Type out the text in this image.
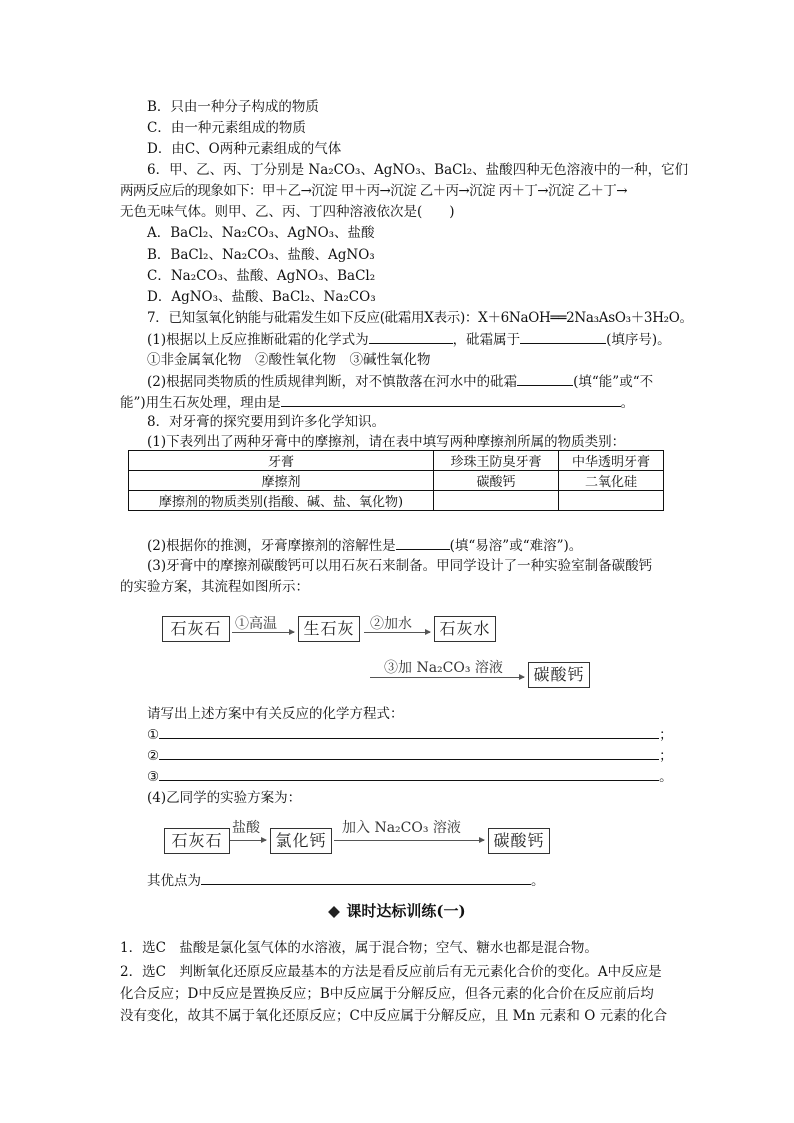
B．只由一种分子构成的物质
C．由一种元素组成的物质
D．由C、O两种元素组成的气体
6．甲、乙、丙、丁分别是 Na₂CO₃、AgNO₃、BaCl₂、盐酸四种无色溶液中的一种，它们
两两反应后的现象如下：甲＋乙→沉淀 甲＋丙→沉淀 乙＋丙→沉淀 丙＋丁→沉淀 乙＋丁→
无色无味气体。则甲、乙、丙、丁四种溶液依次是(　　)
A．BaCl₂、Na₂CO₃、AgNO₃、盐酸
B．BaCl₂、Na₂CO₃、盐酸、AgNO₃
C．Na₂CO₃、盐酸、AgNO₃、BaCl₂
D．AgNO₃、盐酸、BaCl₂、Na₂CO₃
7．已知氢氧化钠能与砒霜发生如下反应(砒霜用X表示)：X＋6NaOH══2Na₃AsO₃＋3H₂O。
(1)根据以上反应推断砒霜的化学式为	，砒霜属于	(填序号)。
①非金属氧化物　②酸性氧化物　③碱性氧化物
(2)根据同类物质的性质规律判断，对不慎散落在河水中的砒霜	(填“能”或“不
能”)用生石灰处理，理由是	。
8．对牙膏的探究要用到许多化学知识。
(1)下表列出了两种牙膏中的摩擦剂，请在表中填写两种摩擦剂所属的物质类别：
牙膏	珍珠王防臭牙膏	中华透明牙膏
摩擦剂	碳酸钙	二氧化硅
摩擦剂的物质类别(指酸、碱、盐、氧化物)		
(2)根据你的推测，牙膏摩擦剂的溶解性是	(填“易溶”或“难溶”)。
(3)牙膏中的摩擦剂碳酸钙可以用石灰石来制备。甲同学设计了一种实验室制备碳酸钙
的实验方案，其流程如图所示：
石灰石 ①高温	生石灰	②加水	石灰水
③加 Na₂CO₃ 溶液	碳酸钙
请写出上述方案中有关反应的化学方程式：
①	；
②	；
③	。
(4)乙同学的实验方案为：
石灰石
盐酸
氯化钙
加入 Na₂CO₃ 溶液
碳酸钙
其优点为	。
课时达标训练(一)
1．选C　盐酸是氯化氢气体的水溶液，属于混合物；空气、糖水也都是混合物。
2．选C　判断氧化还原反应最基本的方法是看反应前后有无元素化合价的变化。A中反应是
化合反应；D中反应是置换反应；B中反应属于分解反应，但各元素的化合价在反应前后均
没有变化，故其不属于氧化还原反应；C中反应属于分解反应，且 Mn 元素和 O 元素的化合
